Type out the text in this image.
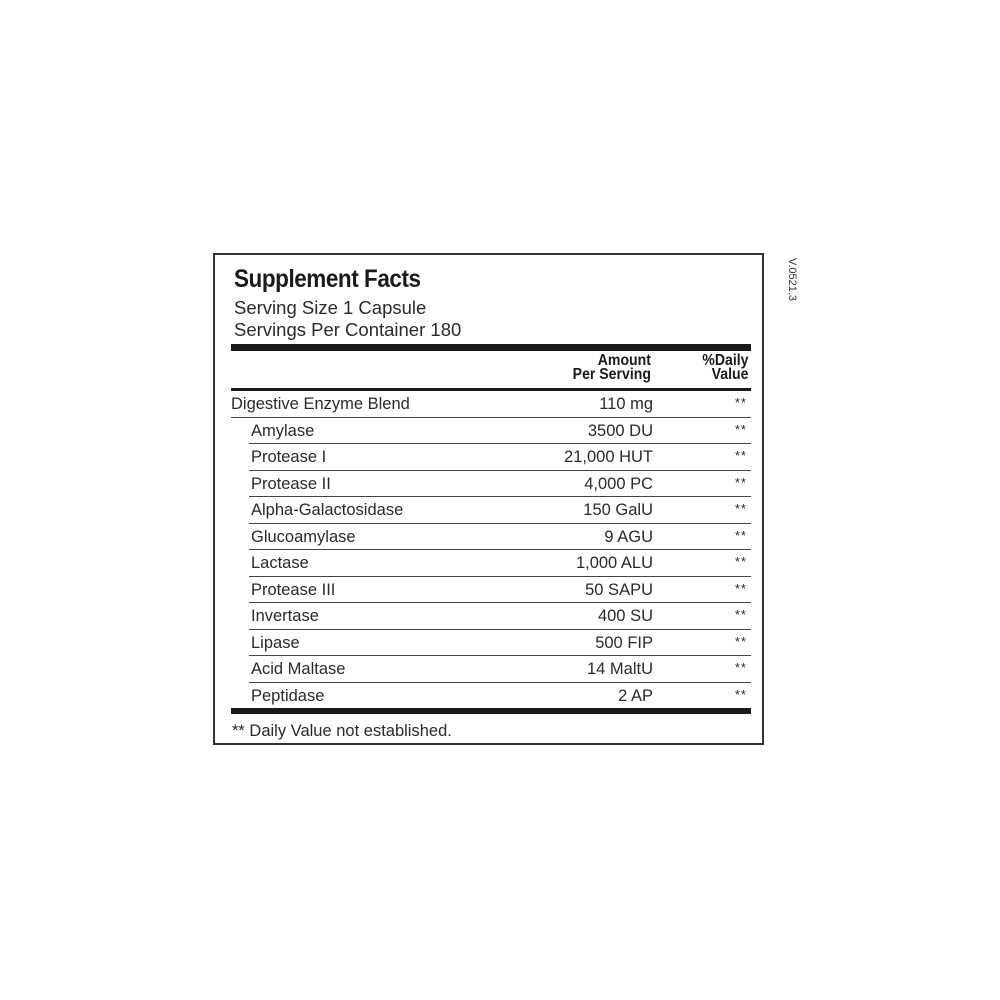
Supplement Facts
Serving Size 1 Capsule
Servings Per Container 180
Amount
Per Serving
%Daily
Value
Digestive Enzyme Blend	110 mg	**
Amylase	3500 DU	**
Protease I	21,000 HUT	**
Protease II	4,000 PC	**
Alpha-Galactosidase	150 GalU	**
Glucoamylase	9 AGU	**
Lactase	1,000 ALU	**
Protease III	50 SAPU	**
Invertase	400 SU	**
Lipase	500 FIP	**
Acid Maltase	14 MaltU	**
Peptidase	2 AP	**
** Daily Value not established.
V.0521.3
